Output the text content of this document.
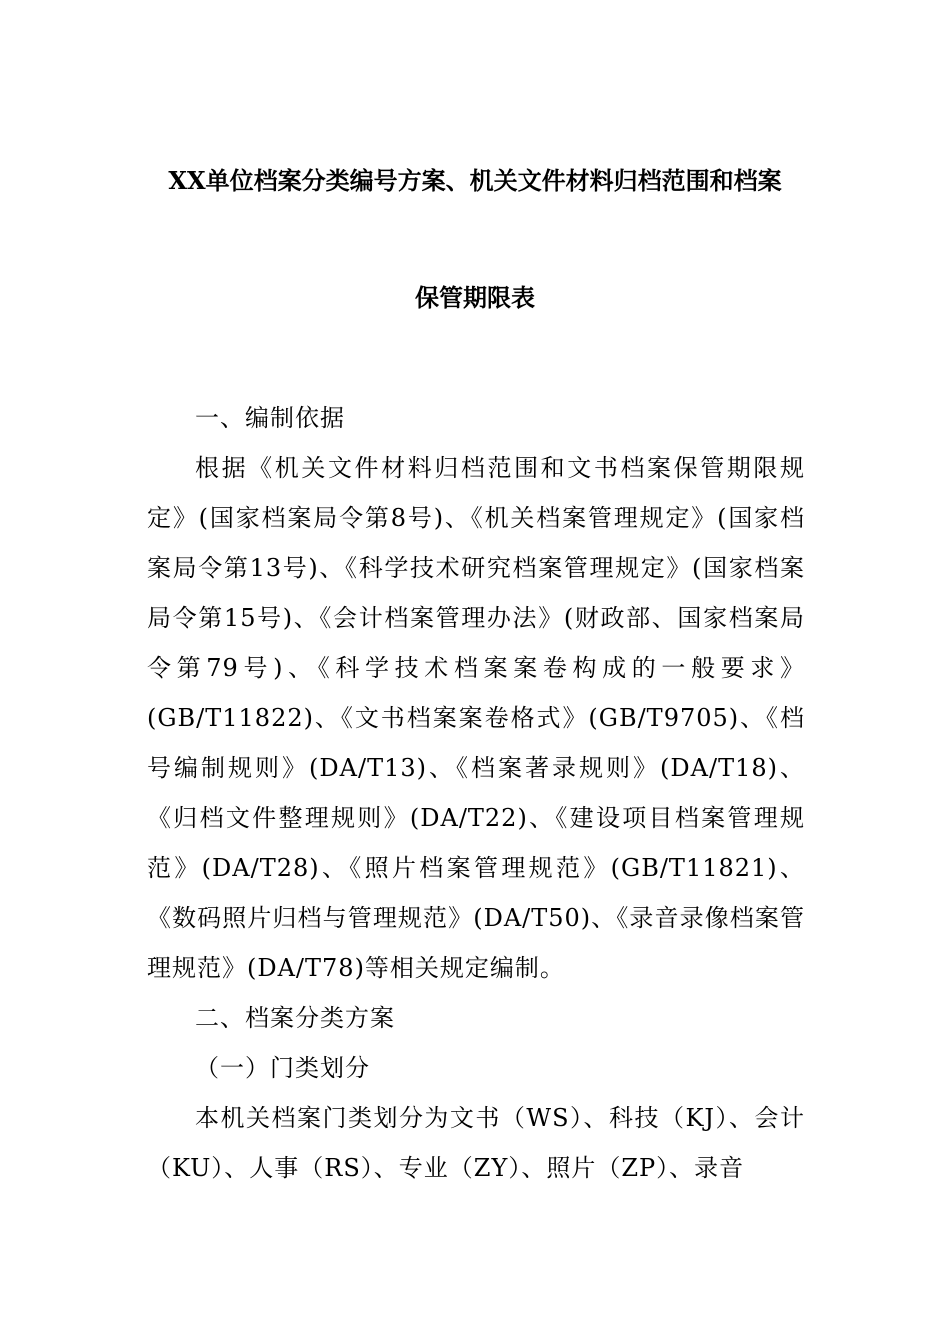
XX单位档案分类编号方案、机关文件材料归档范围和档案
保管期限表

一、编制依据

根据《机关文件材料归档范围和文书档案保管期限规定》(国家档案局令第8号)、《机关档案管理规定》(国家档案局令第13号)、《科学技术研究档案管理规定》(国家档案局令第15号)、《会计档案管理办法》(财政部、国家档案局令第79号)、《科学技术档案案卷构成的一般要求》(GB/T11822)、《文书档案案卷格式》(GB/T9705)、《档号编制规则》(DA/T13)、《档案著录规则》(DA/T18)、《归档文件整理规则》(DA/T22)、《建设项目档案管理规范》(DA/T28)、《照片档案管理规范》(GB/T11821)、《数码照片归档与管理规范》(DA/T50)、《录音录像档案管理规范》(DA/T78)等相关规定编制。

二、档案分类方案

（一）门类划分

本机关档案门类划分为文书（WS）、科技（KJ）、会计（KU）、人事（RS）、专业（ZY）、照片（ZP）、录音
